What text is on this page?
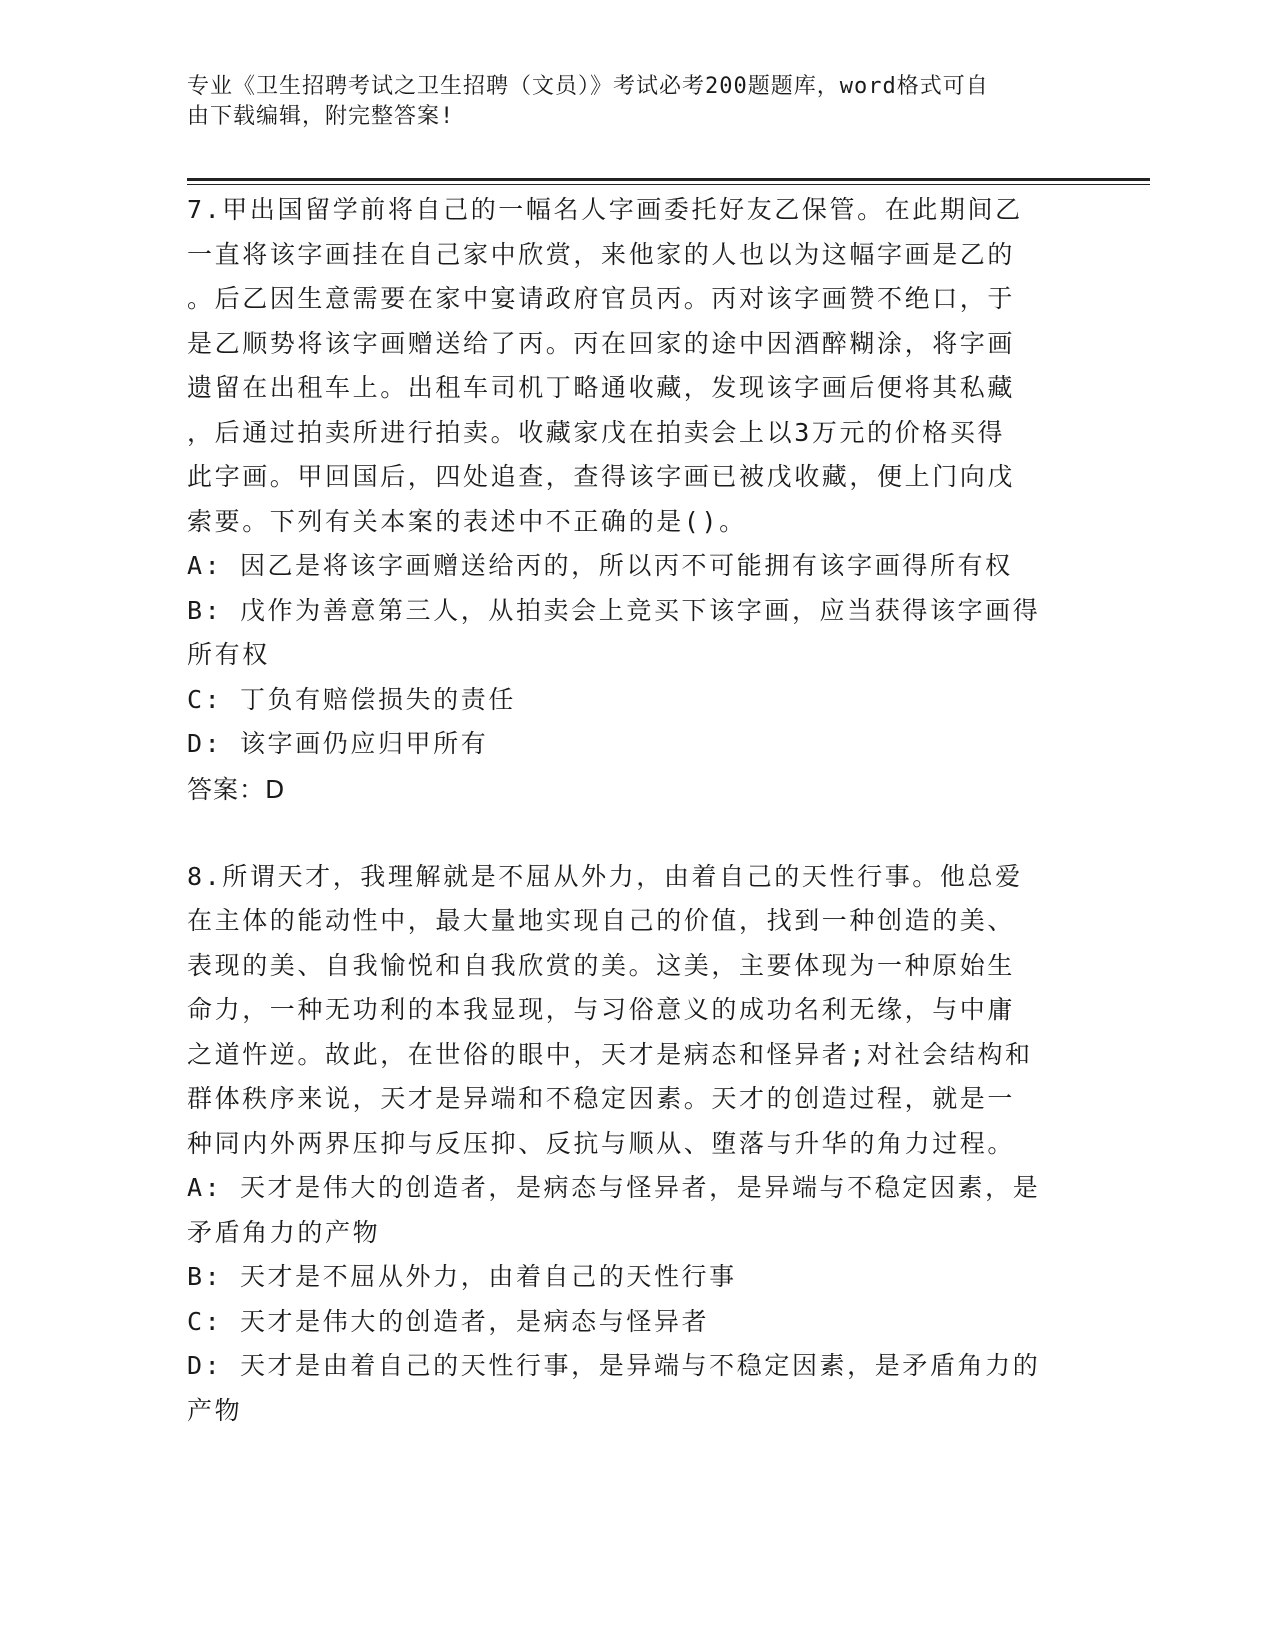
专业《卫生招聘考试之卫生招聘（文员）》考试必考200题题库，word格式可自
由下载编辑，附完整答案!
7.甲出国留学前将自己的一幅名人字画委托好友乙保管。在此期间乙
一直将该字画挂在自己家中欣赏，来他家的人也以为这幅字画是乙的
。后乙因生意需要在家中宴请政府官员丙。丙对该字画赞不绝口，于
是乙顺势将该字画赠送给了丙。丙在回家的途中因酒醉糊涂，将字画
遗留在出租车上。出租车司机丁略通收藏，发现该字画后便将其私藏
，后通过拍卖所进行拍卖。收藏家戊在拍卖会上以3万元的价格买得
此字画。甲回国后，四处追查，查得该字画已被戊收藏，便上门向戊
索要。下列有关本案的表述中不正确的是()。
A: 因乙是将该字画赠送给丙的，所以丙不可能拥有该字画得所有权
B: 戊作为善意第三人，从拍卖会上竞买下该字画，应当获得该字画得
所有权
C: 丁负有赔偿损失的责任
D: 该字画仍应归甲所有
答案：D
8.所谓天才，我理解就是不屈从外力，由着自己的天性行事。他总爱
在主体的能动性中，最大量地实现自己的价值，找到一种创造的美、
表现的美、自我愉悦和自我欣赏的美。这美，主要体现为一种原始生
命力，一种无功利的本我显现，与习俗意义的成功名利无缘，与中庸
之道忤逆。故此，在世俗的眼中，天才是病态和怪异者;对社会结构和
群体秩序来说，天才是异端和不稳定因素。天才的创造过程，就是一
种同内外两界压抑与反压抑、反抗与顺从、堕落与升华的角力过程。
A: 天才是伟大的创造者，是病态与怪异者，是异端与不稳定因素，是
矛盾角力的产物
B: 天才是不屈从外力，由着自己的天性行事
C: 天才是伟大的创造者，是病态与怪异者
D: 天才是由着自己的天性行事，是异端与不稳定因素，是矛盾角力的
产物
